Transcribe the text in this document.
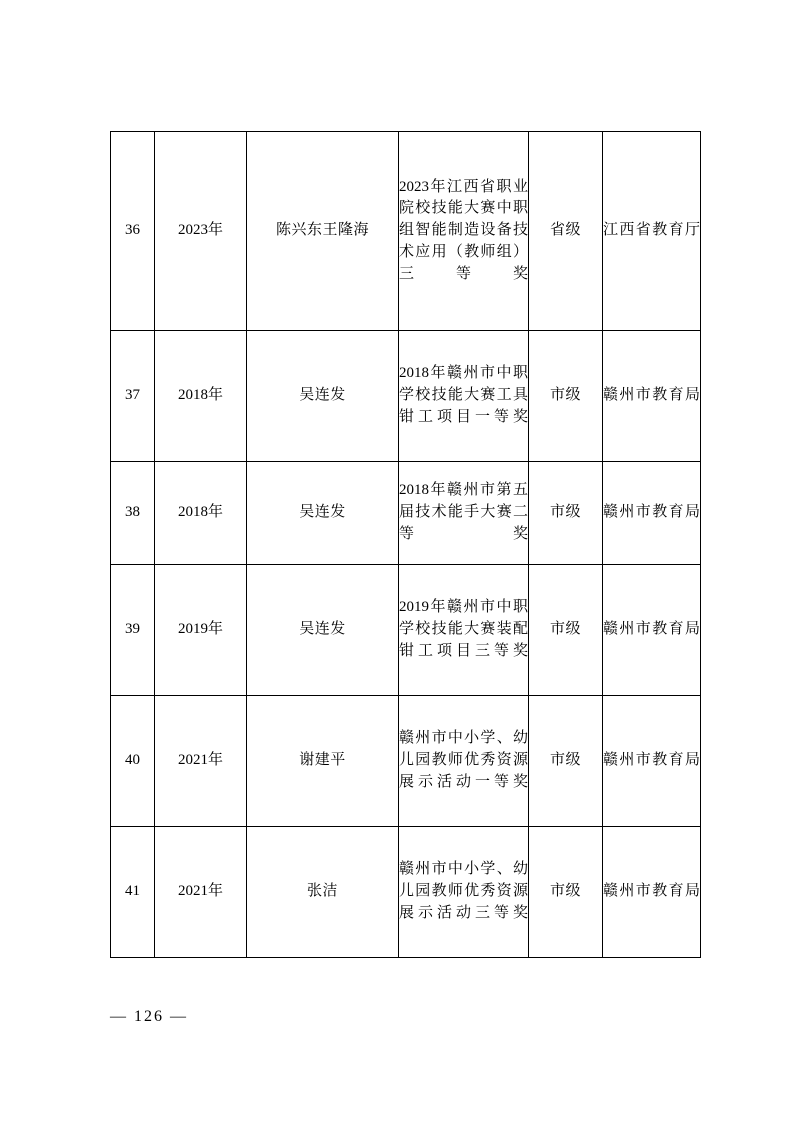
36	2023年	陈兴东王隆海	2023年江西省职业院校技能大赛中职组智能制造设备技术应用（教师组）三等奖	省级	江西省教育厅

37	2018年	吴连发	2018年赣州市中职学校技能大赛工具钳工项目一等奖	市级	赣州市教育局

38	2018年	吴连发	2018年赣州市第五届技术能手大赛二等奖	市级	赣州市教育局

39	2019年	吴连发	2019年赣州市中职学校技能大赛装配钳工项目三等奖	市级	赣州市教育局

40	2021年	谢建平	赣州市中小学、幼儿园教师优秀资源展示活动一等奖	市级	赣州市教育局

41	2021年	张洁	赣州市中小学、幼儿园教师优秀资源展示活动三等奖	市级	赣州市教育局
— 126 —
